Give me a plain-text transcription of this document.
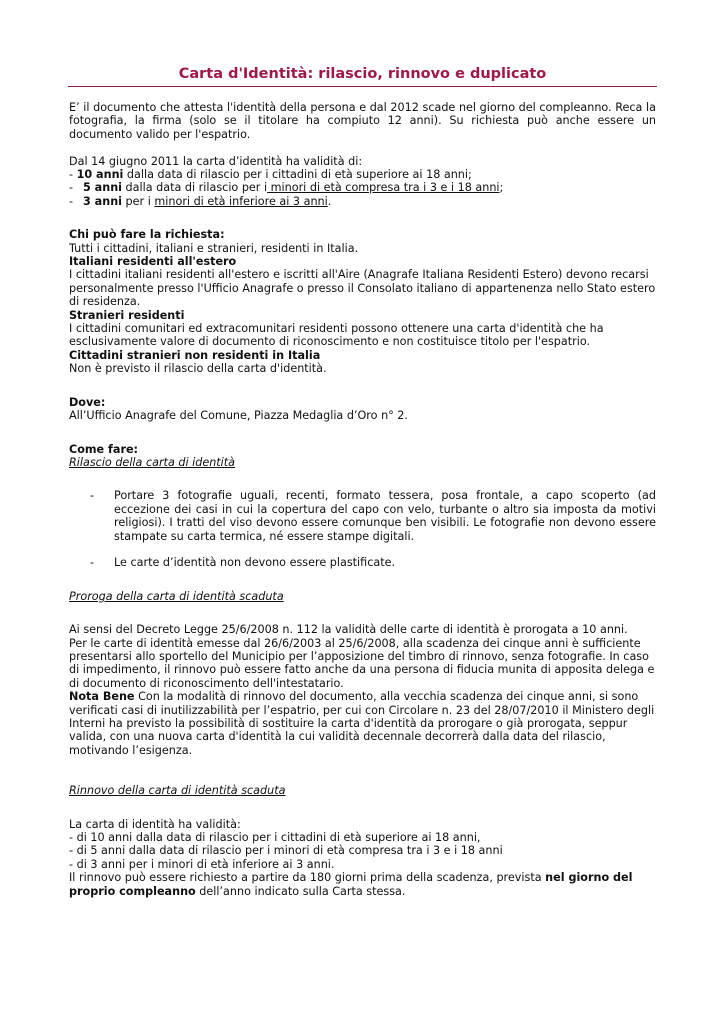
Carta d'Identità: rilascio, rinnovo e duplicato

E’ il documento che attesta l'identità della persona e dal 2012 scade nel giorno del compleanno. Reca la fotografia, la firma (solo se il titolare ha compiuto 12 anni). Su richiesta può anche essere un documento valido per l'espatrio.

Dal 14 giugno 2011 la carta d’identità ha validità di:

- 10 anni dalla data di rilascio per i cittadini di età superiore ai 18 anni;

- 5 anni dalla data di rilascio per i minori di età compresa tra i 3 e i 18 anni;

- 3 anni per i minori di età inferiore ai 3 anni.

Chi può fare la richiesta:

Tutti i cittadini, italiani e stranieri, residenti in Italia.

Italiani residenti all'estero

I cittadini italiani residenti all'estero e iscritti all'Aire (Anagrafe Italiana Residenti Estero) devono recarsi personalmente presso l'Ufficio Anagrafe o presso il Consolato italiano di appartenenza nello Stato estero di residenza.

Stranieri residenti

I cittadini comunitari ed extracomunitari residenti possono ottenere una carta d'identità che ha esclusivamente valore di documento di riconoscimento e non costituisce titolo per l'espatrio.

Cittadini stranieri non residenti in Italia

Non è previsto il rilascio della carta d'identità.

Dove:

All’Ufficio Anagrafe del Comune, Piazza Medaglia d’Oro n° 2.

Come fare:

Rilascio della carta di identità

-	Portare 3 fotografie uguali, recenti, formato tessera, posa frontale, a capo scoperto (ad eccezione dei casi in cui la copertura del capo con velo, turbante o altro sia imposta da motivi religiosi). I tratti del viso devono essere comunque ben visibili. Le fotografie non devono essere stampate su carta termica, né essere stampe digitali.
-	Le carte d’identità non devono essere plastificate.

Proroga della carta di identità scaduta

Ai sensi del Decreto Legge 25/6/2008 n. 112 la validità delle carte di identità è prorogata a 10 anni.

Per le carte di identità emesse dal 26/6/2003 al 25/6/2008, alla scadenza dei cinque anni è sufficiente presentarsi allo sportello del Municipio per l’apposizione del timbro di rinnovo, senza fotografie. In caso di impedimento, il rinnovo può essere fatto anche da una persona di fiducia munita di apposita delega e di documento di riconoscimento dell'intestatario.

Nota Bene Con la modalità di rinnovo del documento, alla vecchia scadenza dei cinque anni, si sono verificati casi di inutilizzabilità per l’espatrio, per cui con Circolare n. 23 del 28/07/2010 il Ministero degli Interni ha previsto la possibilità di sostituire la carta d'identità da prorogare o già prorogata, seppur valida, con una nuova carta d'identità la cui validità decennale decorrerà dalla data del rilascio, motivando l’esigenza.

Rinnovo della carta di identità scaduta

La carta di identità ha validità:

- di 10 anni dalla data di rilascio per i cittadini di età superiore ai 18 anni,

- di 5 anni dalla data di rilascio per i minori di età compresa tra i 3 e i 18 anni

- di 3 anni per i minori di età inferiore ai 3 anni.

Il rinnovo può essere richiesto a partire da 180 giorni prima della scadenza, prevista nel giorno del proprio compleanno dell’anno indicato sulla Carta stessa.
